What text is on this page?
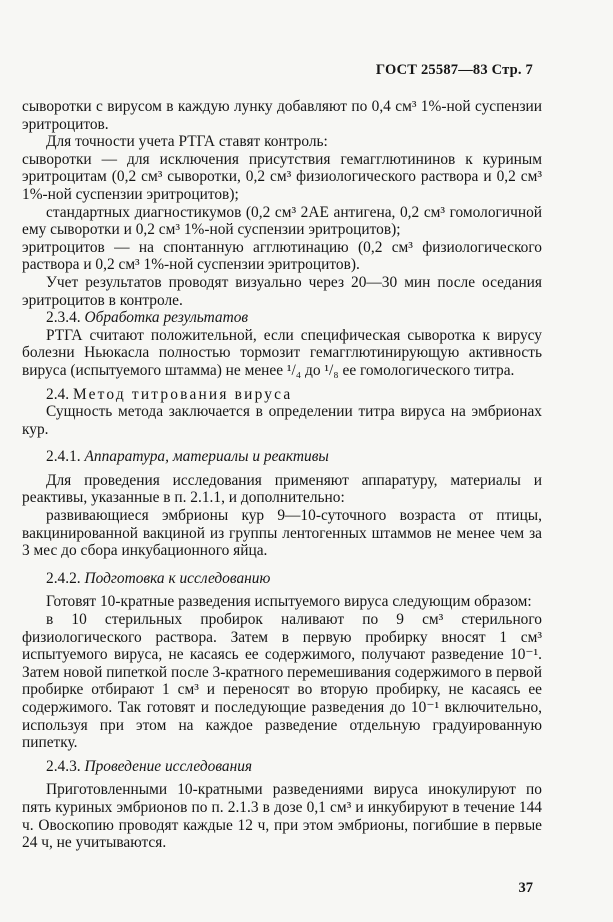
ГОСТ 25587—83 Стр. 7

сыворотки с вирусом в каждую лунку добавляют по 0,4 см³ 1%-ной суспензии эритроцитов.

Для точности учета РТГА ставят контроль:

сыворотки — для исключения присутствия гемагглютининов к куриным эритроцитам (0,2 см³ сыворотки, 0,2 см³ физиологического раствора и 0,2 см³ 1%-ной суспензии эритроцитов);

стандартных диагностикумов (0,2 см³ 2АЕ антигена, 0,2 см³ гомологичной ему сыворотки и 0,2 см³ 1%-ной суспензии эритроцитов);

эритроцитов — на спонтанную агглютинацию (0,2 см³ физиологического раствора и 0,2 см³ 1%-ной суспензии эритроцитов).

Учет результатов проводят визуально через 20—30 мин после оседания эритроцитов в контроле.

2.3.4. Обработка результатов

РТГА считают положительной, если специфическая сыворотка к вирусу болезни Ньюкасла полностью тормозит гемагглютинирующую активность вируса (испытуемого штамма) не менее ¹/₄ до ¹/₈ ее гомологического титра.

2.4. Метод титрования вируса

Сущность метода заключается в определении титра вируса на эмбрионах кур.

2.4.1. Аппаратура, материалы и реактивы

Для проведения исследования применяют аппаратуру, материалы и реактивы, указанные в п. 2.1.1, и дополнительно:

развивающиеся эмбрионы кур 9—10-суточного возраста от птицы, вакцинированной вакциной из группы лентогенных штаммов не менее чем за 3 мес до сбора инкубационного яйца.

2.4.2. Подготовка к исследованию

Готовят 10-кратные разведения испытуемого вируса следующим образом:

в 10 стерильных пробирок наливают по 9 см³ стерильного физиологического раствора. Затем в первую пробирку вносят 1 см³ испытуемого вируса, не касаясь ее содержимого, получают разведение 10⁻¹. Затем новой пипеткой после 3-кратного перемешивания содержимого в первой пробирке отбирают 1 см³ и переносят во вторую пробирку, не касаясь ее содержимого. Так готовят и последующие разведения до 10⁻¹ включительно, используя при этом на каждое разведение отдельную градуированную пипетку.

2.4.3. Проведение исследования

Приготовленными 10-кратными разведениями вируса инокулируют по пять куриных эмбрионов по п. 2.1.3 в дозе 0,1 см³ и инкубируют в течение 144 ч. Овоскопию проводят каждые 12 ч, при этом эмбрионы, погибшие в первые 24 ч, не учитываются.

37
